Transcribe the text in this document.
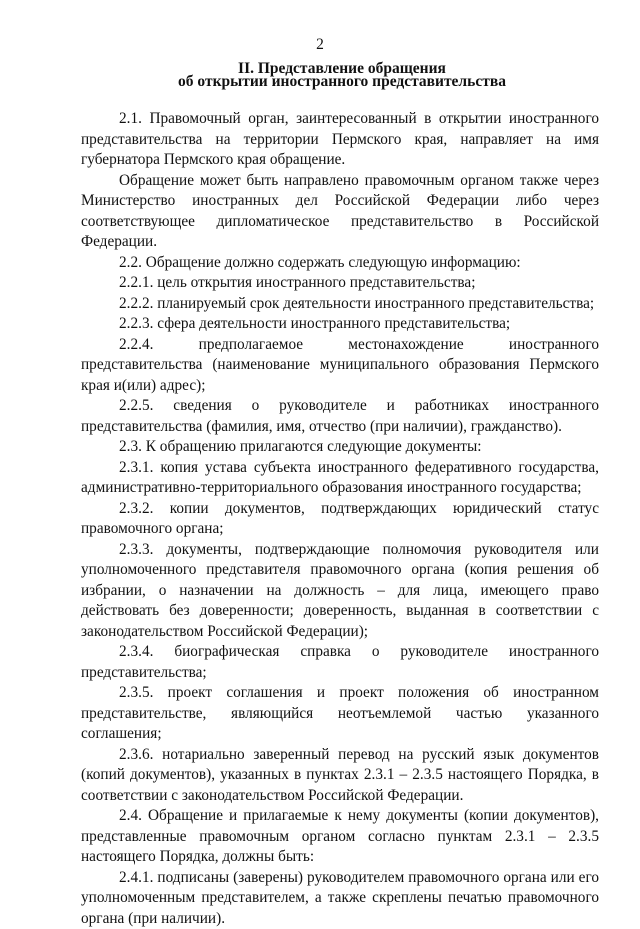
2
II. Представление обращения
об открытии иностранного представительства

2.1. Правомочный орган, заинтересованный в открытии иностранного представительства на территории Пермского края, направляет на имя губернатора Пермского края обращение.

Обращение может быть направлено правомочным органом также через Министерство иностранных дел Российской Федерации либо через соответствующее дипломатическое представительство в Российской Федерации.

2.2. Обращение должно содержать следующую информацию:

2.2.1. цель открытия иностранного представительства;

2.2.2. планируемый срок деятельности иностранного представительства;

2.2.3. сфера деятельности иностранного представительства;

2.2.4. предполагаемое местонахождение иностранного представительства (наименование муниципального образования Пермского края и(или) адрес);

2.2.5. сведения о руководителе и работниках иностранного представительства (фамилия, имя, отчество (при наличии), гражданство).

2.3. К обращению прилагаются следующие документы:

2.3.1. копия устава субъекта иностранного федеративного государства, административно-территориального образования иностранного государства;

2.3.2. копии документов, подтверждающих юридический статус правомочного органа;

2.3.3. документы, подтверждающие полномочия руководителя или уполномоченного представителя правомочного органа (копия решения об избрании, о назначении на должность – для лица, имеющего право действовать без доверенности; доверенность, выданная в соответствии с законодательством Российской Федерации);

2.3.4. биографическая справка о руководителе иностранного представительства;

2.3.5. проект соглашения и проект положения об иностранном представительстве, являющийся неотъемлемой частью указанного соглашения;

2.3.6. нотариально заверенный перевод на русский язык документов (копий документов), указанных в пунктах 2.3.1 – 2.3.5 настоящего Порядка, в соответствии с законодательством Российской Федерации.

2.4. Обращение и прилагаемые к нему документы (копии документов), представленные правомочным органом согласно пунктам 2.3.1 – 2.3.5 настоящего Порядка, должны быть:

2.4.1. подписаны (заверены) руководителем правомочного органа или его уполномоченным представителем, а также скреплены печатью правомочного органа (при наличии).
